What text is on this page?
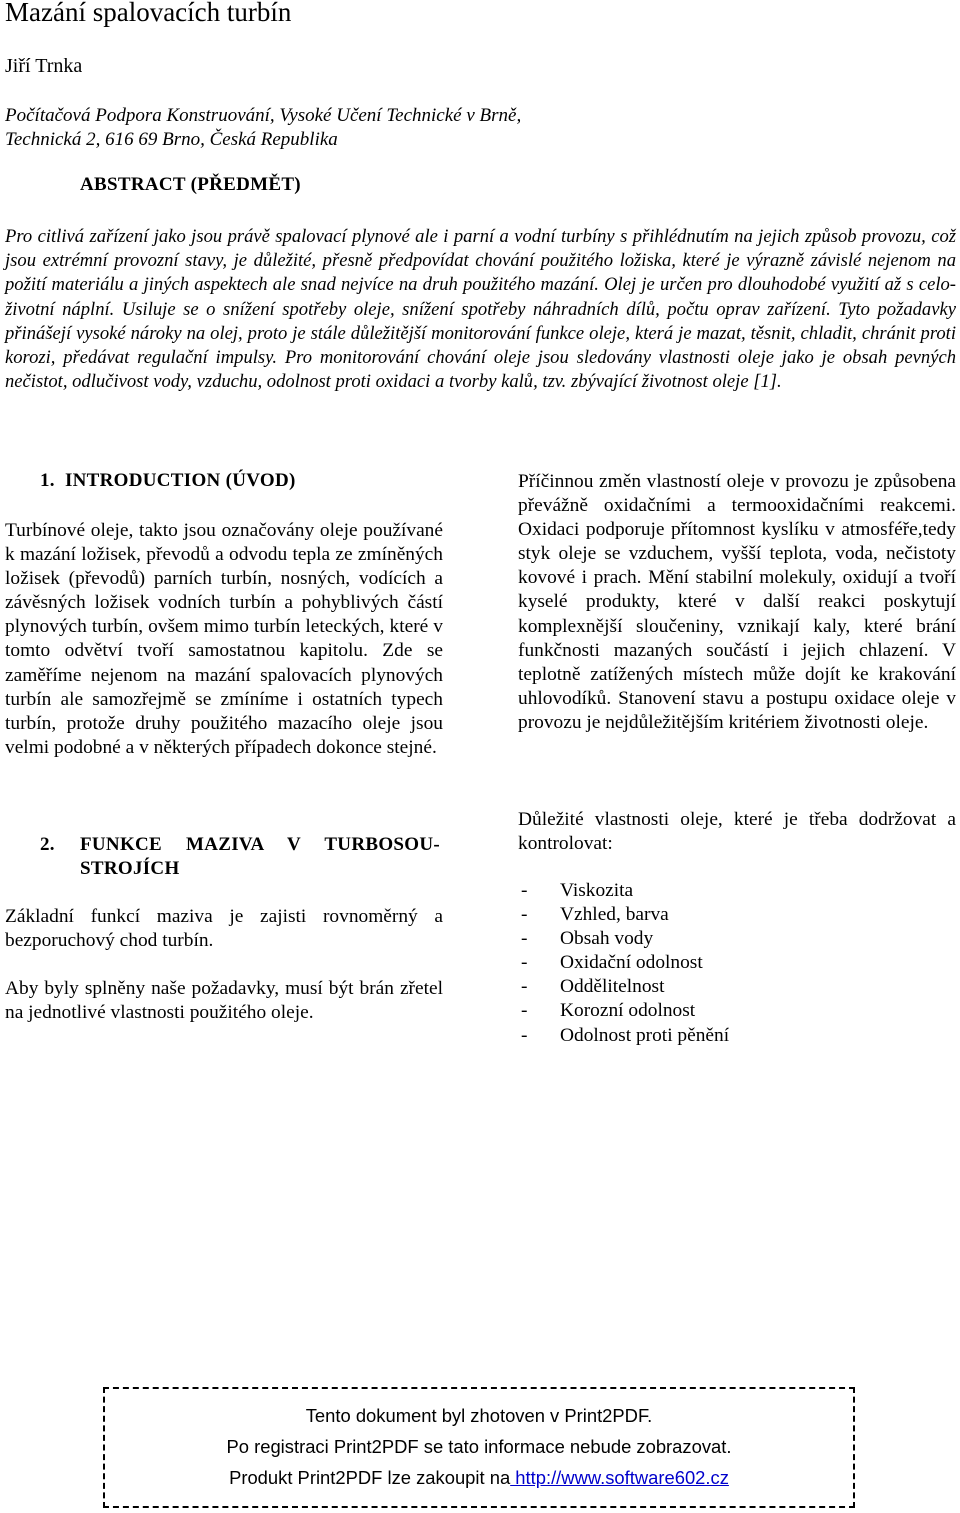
Mazání spalovacích turbín
Jiří Trnka
Počítačová Podpora Konstruování, Vysoké Učení Technické v Brně,
Technická 2, 616 69 Brno, Česká Republika
ABSTRACT (PŘEDMĚT)
Pro citlivá zařízení jako jsou právě spalovací plynové ale i parní a vodní turbíny s přihlédnutím na jejich způsob provozu, což jsou extrémní provozní stavy, je důležité, přesně předpovídat chování použitého ložiska, které je výrazně závislé nejenom na požití materiálu a jiných aspektech ale snad nejvíce na druh použitého mazání. Olej je určen pro dlouhodobé využití až s celo-životní náplní. Usiluje se o snížení spotřeby oleje, snížení spotřeby náhradních dílů, počtu oprav zařízení. Tyto požadavky přinášejí vysoké nároky na olej, proto je stále důležitější monitorování funkce oleje, která je mazat, těsnit, chladit, chránit proti korozi, předávat regulační impulsy. Pro monitorování chování oleje jsou sledovány vlastnosti oleje jako je obsah pevných nečistot, odlučivost vody, vzduchu, odolnost proti oxidaci a tvorby kalů, tzv. zbývající životnost oleje [1].
1.  INTRODUCTION (ÚVOD)
Turbínové oleje, takto jsou označovány oleje používané k mazání ložisek, převodů a odvodu tepla ze zmíněných ložisek (převodů) parních turbín, nosných, vodících a závěsných ložisek vodních turbín a pohyblivých částí plynových turbín, ovšem mimo turbín leteckých, které v tomto odvětví tvoří samostatnou kapitolu. Zde se zaměříme nejenom na mazání spalovacích plynových turbín ale samozřejmě se zmíníme i ostatních typech turbín, protože druhy použitého mazacího oleje jsou velmi podobné a v některých případech dokonce stejné.
2. FUNKCE MAZIVA V TURBOSOU-
STROJÍCH
Základní funkcí maziva je zajisti rovnoměrný a bezporuchový chod turbín.
Aby byly splněny naše požadavky, musí být brán zřetel na jednotlivé vlastnosti použitého oleje.
Příčinnou změn vlastností oleje v provozu je způsobena převážně oxidačními a termooxidačními reakcemi. Oxidaci podporuje přítomnost kyslíku v atmosféře,tedy styk oleje se vzduchem, vyšší teplota, voda, nečistoty kovové i prach. Mění stabilní molekuly, oxidují a tvoří kyselé produkty, které v další reakci poskytují komplexnější sloučeniny, vznikají kaly, které brání funkčnosti mazaných součástí i jejich chlazení. V teplotně zatížených místech může dojít ke krakování uhlovodíků. Stanovení stavu a postupu oxidace oleje v provozu je nejdůležitějším kritériem životnosti oleje.
Důležité vlastnosti oleje, které je třeba dodržovat a kontrolovat:
- Viskozita
- Vzhled, barva
- Obsah vody
- Oxidační odolnost
- Oddělitelnost
- Korozní odolnost
- Odolnost proti pěnění
Tento dokument byl zhotoven v Print2PDF.
Po registraci Print2PDF se tato informace nebude zobrazovat.
Produkt Print2PDF lze zakoupit na http://www.software602.cz
